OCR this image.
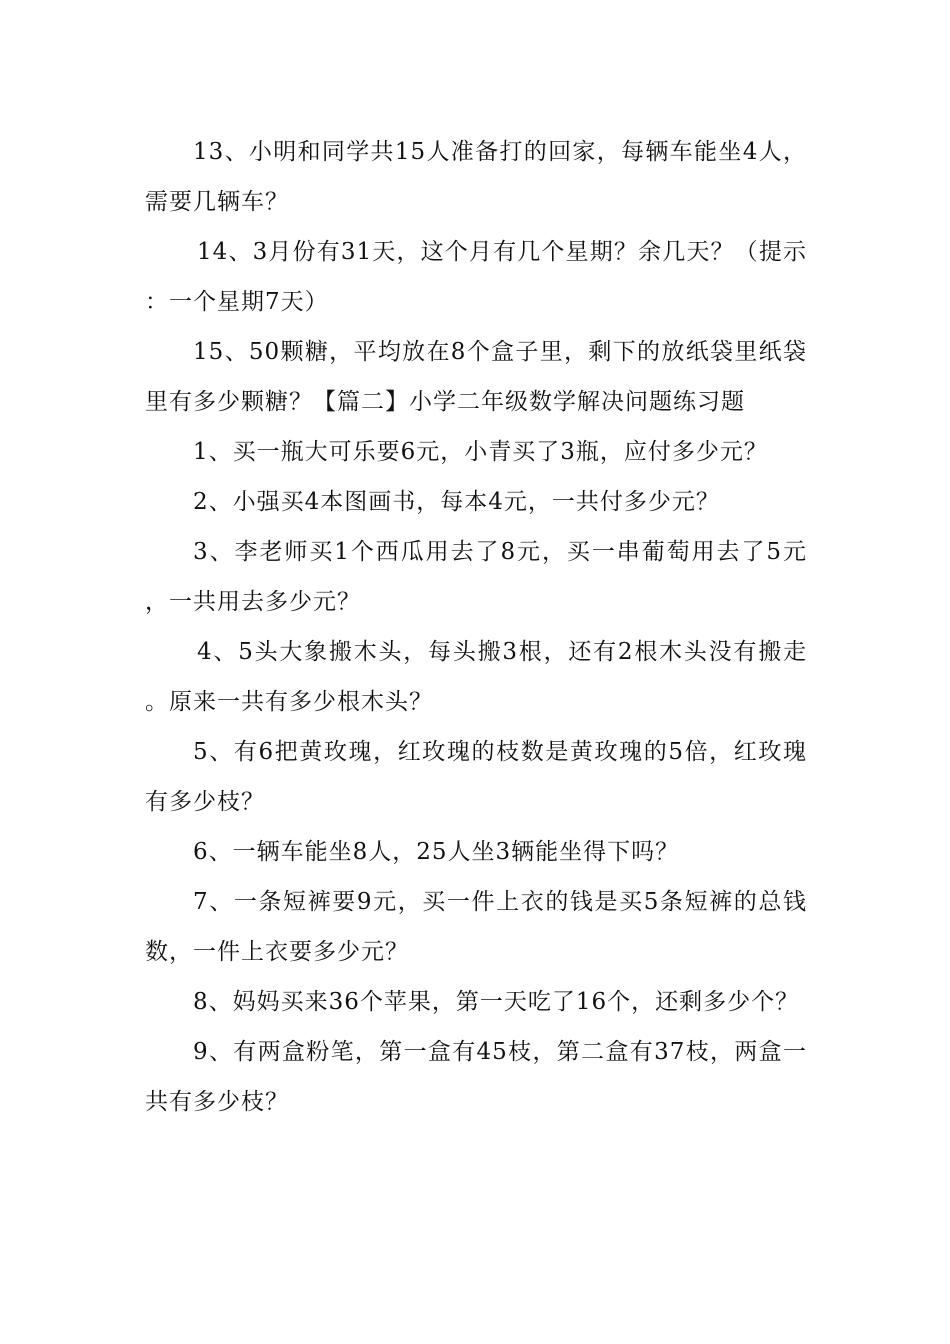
13、小明和同学共15人准备打的回家，每辆车能坐4人，需要几辆车？

14、3月份有31天，这个月有几个星期？余几天？（提示：一个星期7天）

15、50颗糖，平均放在8个盒子里，剩下的放纸袋里纸袋里有多少颗糖？【篇二】小学二年级数学解决问题练习题

1、买一瓶大可乐要6元，小青买了3瓶，应付多少元？

2、小强买4本图画书，每本4元，一共付多少元？

3、李老师买1个西瓜用去了8元，买一串葡萄用去了5元，一共用去多少元？

4、5头大象搬木头，每头搬3根，还有2根木头没有搬走。原来一共有多少根木头？

5、有6把黄玫瑰，红玫瑰的枝数是黄玫瑰的5倍，红玫瑰有多少枝？

6、一辆车能坐8人，25人坐3辆能坐得下吗？

7、一条短裤要9元，买一件上衣的钱是买5条短裤的总钱数，一件上衣要多少元？

8、妈妈买来36个苹果，第一天吃了16个，还剩多少个？

9、有两盒粉笔，第一盒有45枝，第二盒有37枝，两盒一共有多少枝？
